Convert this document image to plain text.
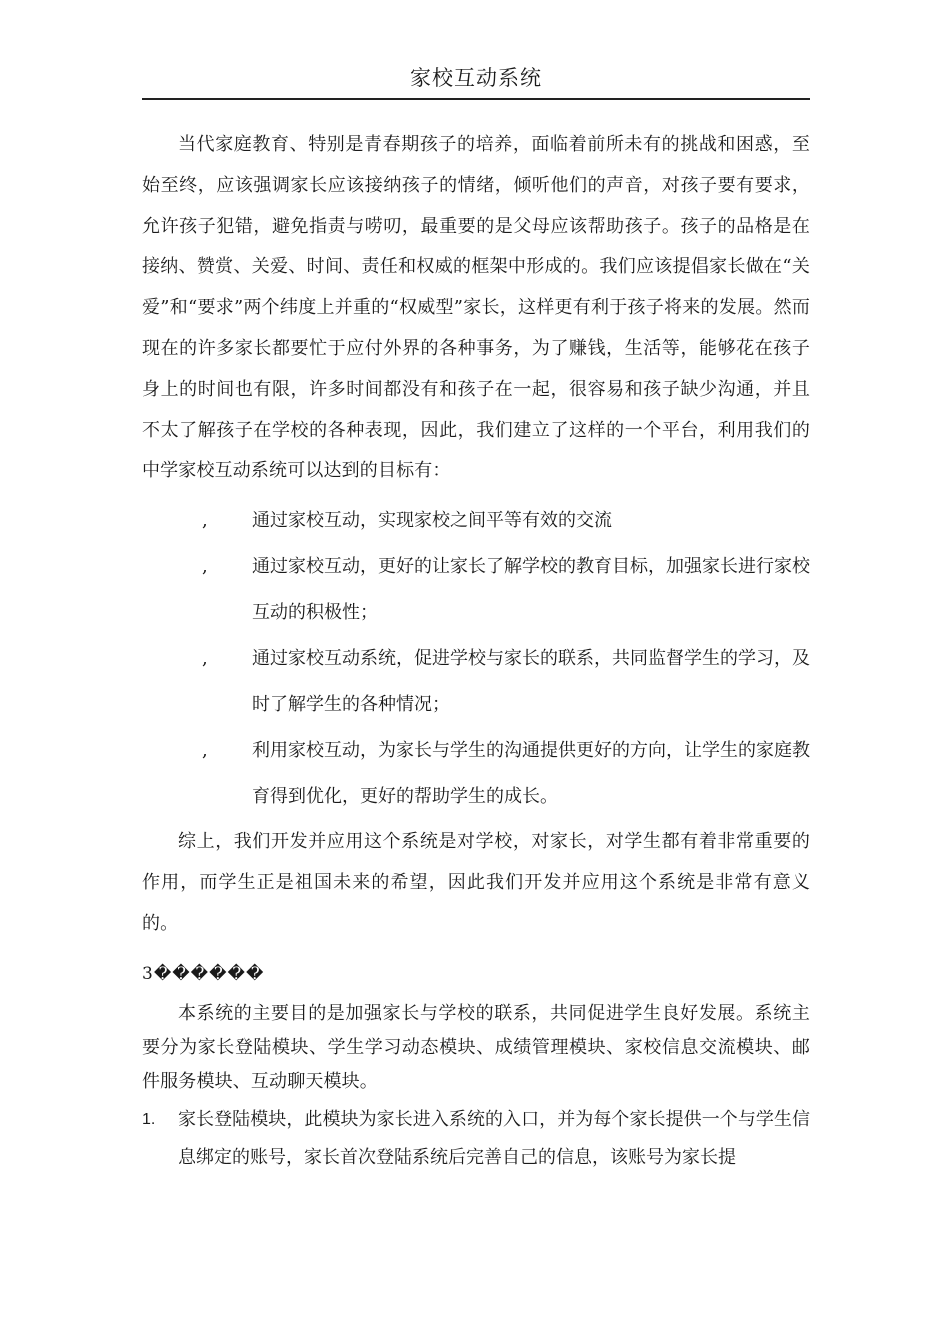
家校互动系统

当代家庭教育、特别是青春期孩子的培养，面临着前所未有的挑战和困惑，至始至终，应该强调家长应该接纳孩子的情绪，倾听他们的声音，对孩子要有要求，允许孩子犯错，避免指责与唠叨，最重要的是父母应该帮助孩子。孩子的品格是在接纳、赞赏、关爱、时间、责任和权威的框架中形成的。我们应该提倡家长做在“关爱”和“要求”两个纬度上并重的“权威型”家长，这样更有利于孩子将来的发展。然而现在的许多家长都要忙于应付外界的各种事务，为了赚钱，生活等，能够花在孩子身上的时间也有限，许多时间都没有和孩子在一起，很容易和孩子缺少沟通，并且不太了解孩子在学校的各种表现，因此，我们建立了这样的一个平台，利用我们的中学家校互动系统可以达到的目标有：

, 通过家校互动，实现家校之间平等有效的交流
, 通过家校互动，更好的让家长了解学校的教育目标，加强家长进行家校互动的积极性；
, 通过家校互动系统，促进学校与家长的联系，共同监督学生的学习，及时了解学生的各种情况；
, 利用家校互动，为家长与学生的沟通提供更好的方向，让学生的家庭教育得到优化，更好的帮助学生的成长。

综上，我们开发并应用这个系统是对学校，对家长，对学生都有着非常重要的作用，而学生正是祖国未来的希望，因此我们开发并应用这个系统是非常有意义的。

3������

本系统的主要目的是加强家长与学校的联系，共同促进学生良好发展。系统主要分为家长登陆模块、学生学习动态模块、成绩管理模块、家校信息交流模块、邮件服务模块、互动聊天模块。

1. 家长登陆模块，此模块为家长进入系统的入口，并为每个家长提供一个与学生信息绑定的账号，家长首次登陆系统后完善自己的信息，该账号为家长提
